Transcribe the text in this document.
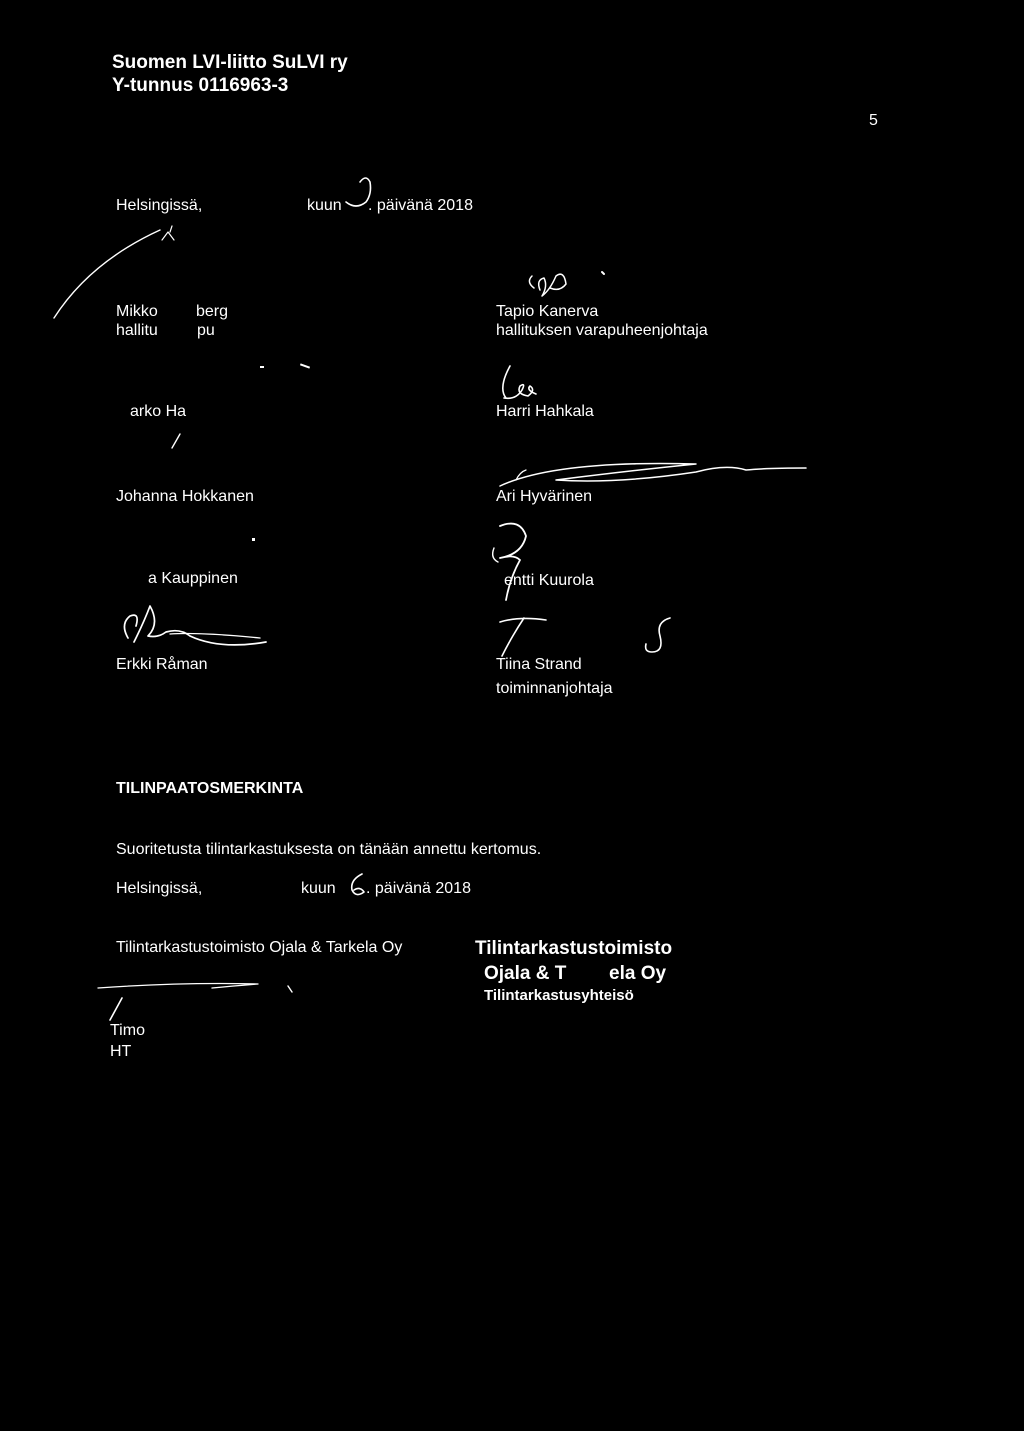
Suomen LVI-liitto SuLVI ry
Y-tunnus 0116963-3
5
Helsingissä,	kuun . päivänä 2018
Mikko berg
hallitu pu
Tapio Kanerva
hallituksen varapuheenjohtaja
arko Ha	Harri Hahkala
Johanna Hokkanen	Ari Hyvärinen
a Kauppinen	entti Kuurola
Erkki Råman	Tiina Strand
toiminnanjohtaja
TILINPAATOSMERKINTA
Suoritetusta tilintarkastuksesta on tänään annettu kertomus.
Helsingissä,	kuun . päivänä 2018
Tilintarkastustoimisto Ojala & Tarkela Oy
Timo
HT
Tilintarkastustoimisto
Ojala & T ela Oy
Tilintarkastusyhteisö
